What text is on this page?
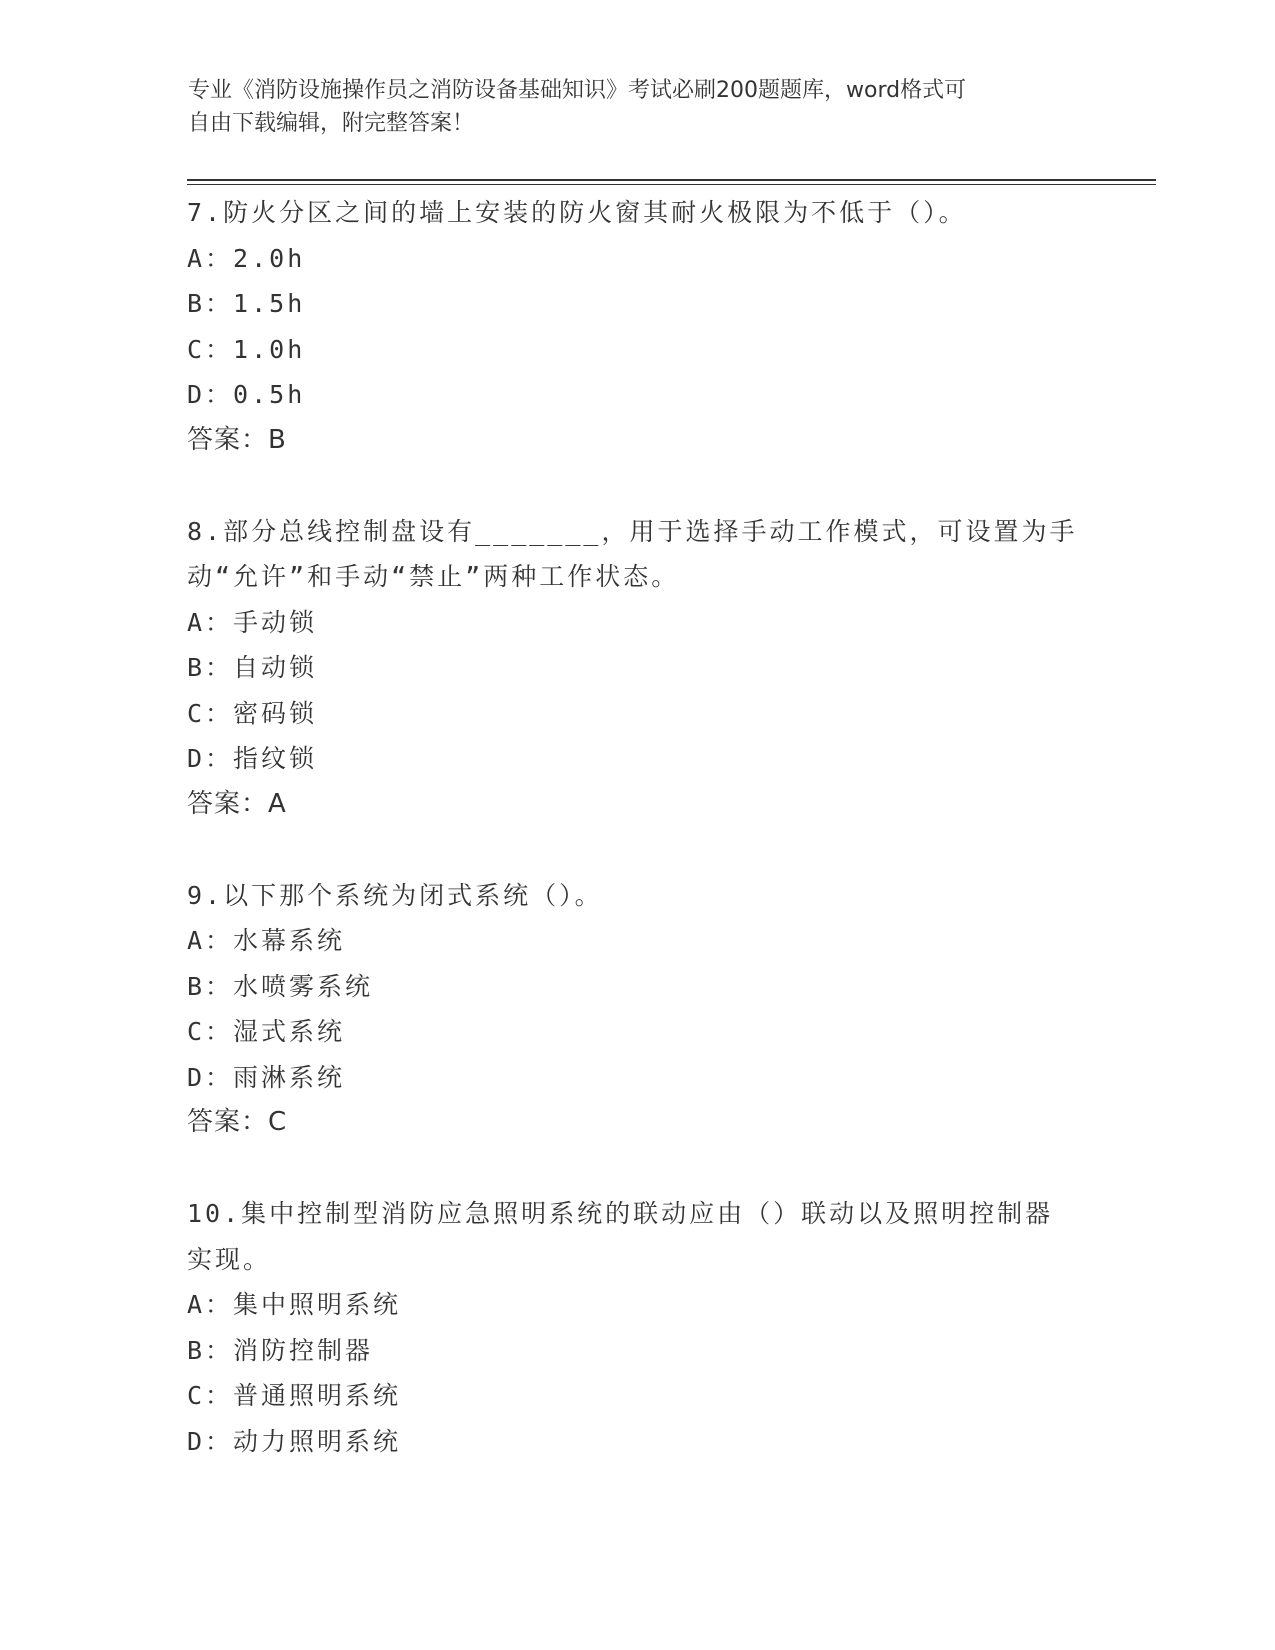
专业《消防设施操作员之消防设备基础知识》考试必刷200题题库，word格式可
自由下载编辑，附完整答案！
7.防火分区之间的墙上安装的防火窗其耐火极限为不低于（）。
A：2.0h
B：1.5h
C：1.0h
D：0.5h
答案：B
8.部分总线控制盘设有_______，用于选择手动工作模式，可设置为手
动“允许”和手动“禁止”两种工作状态。
A：手动锁
B：自动锁
C：密码锁
D：指纹锁
答案：A
9.以下那个系统为闭式系统（）。
A：水幕系统
B：水喷雾系统
C：湿式系统
D：雨淋系统
答案：C
10.集中控制型消防应急照明系统的联动应由（）联动以及照明控制器
实现。
A：集中照明系统
B：消防控制器
C：普通照明系统
D：动力照明系统
